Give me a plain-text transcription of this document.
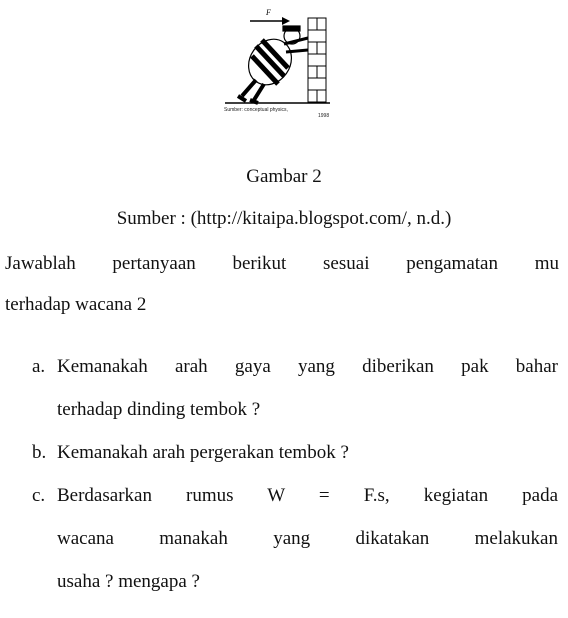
F
Sumber: conceptual physics,
1998
Gambar 2
Sumber : (http://kitaipa.blogspot.com/, n.d.)
Jawablah pertanyaan berikut sesuai pengamatan mu
terhadap wacana 2
a. Kemanakah arah gaya yang diberikan pak bahar
terhadap dinding tembok ?
b. Kemanakah arah pergerakan tembok ?
c. Berdasarkan rumus W = F.s, kegiatan pada
wacana manakah yang dikatakan melakukan
usaha ? mengapa ?
